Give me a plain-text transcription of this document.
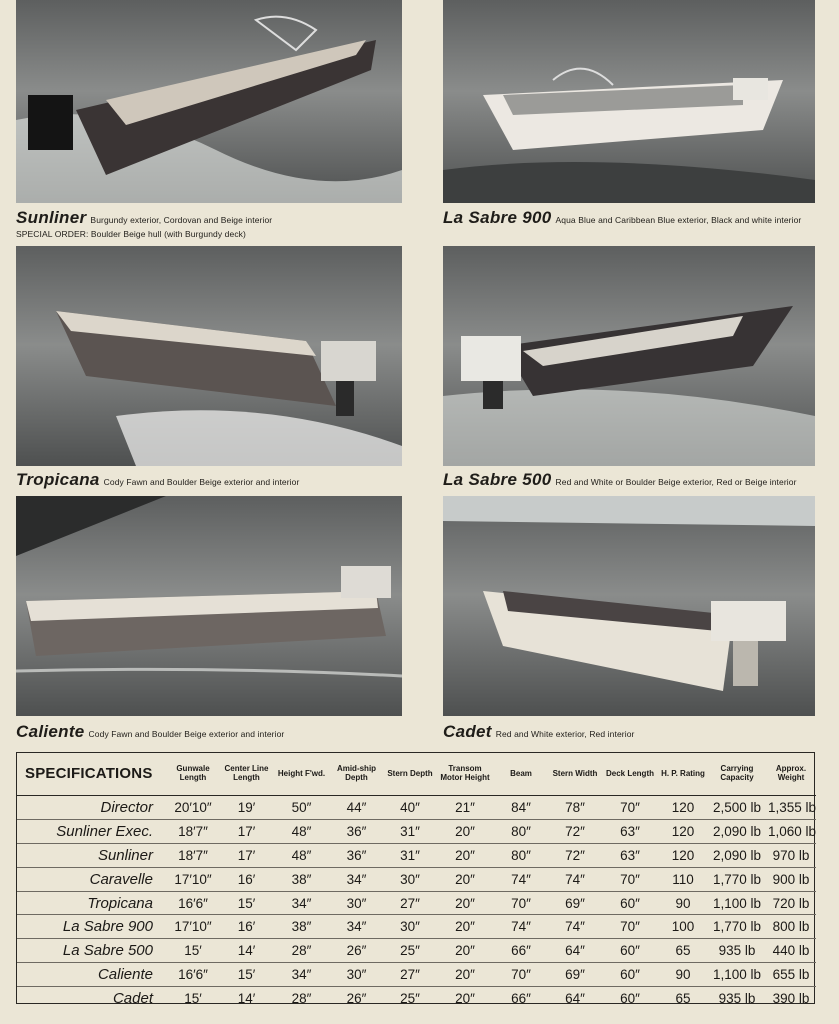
Sunliner Burgundy exterior, Cordovan and Beige interior
SPECIAL ORDER: Boulder Beige hull (with Burgundy deck)
La Sabre 900 Aqua Blue and Caribbean Blue exterior, Black and white interior
Tropicana Cody Fawn and Boulder Beige exterior and interior	La Sabre 500 Red and White or Boulder Beige exterior, Red or Beige interior
Caliente Cody Fawn and Boulder Beige exterior and interior	Cadet Red and White exterior, Red interior
SPECIFICATIONS	Gunwale Length	Center Line Length	Height F'wd.	Amid-ship Depth	Stern Depth	Transom Motor Height	Beam	Stern Width	Deck Length	H. P. Rating	Carrying Capacity	Approx. Weight
Director	20′10″	19′	50″	44″	40″	21″	84″	78″	70″	120	2,500 lb	1,355 lb
Sunliner Exec.	18′7″	17′	48″	36″	31″	20″	80″	72″	63″	120	2,090 lb	1,060 lb
Sunliner	18′7″	17′	48″	36″	31″	20″	80″	72″	63″	120	2,090 lb	970 lb
Caravelle	17′10″	16′	38″	34″	30″	20″	74″	74″	70″	110	1,770 lb	900 lb
Tropicana	16′6″	15′	34″	30″	27″	20″	70″	69″	60″	90	1,100 lb	720 lb
La Sabre 900	17′10″	16′	38″	34″	30″	20″	74″	74″	70″	100	1,770 lb	800 lb
La Sabre 500	15′	14′	28″	26″	25″	20″	66″	64″	60″	65	935 lb	440 lb
Caliente	16′6″	15′	34″	30″	27″	20″	70″	69″	60″	90	1,100 lb	655 lb
Cadet	15′	14′	28″	26″	25″	20″	66″	64″	60″	65	935 lb	390 lb
